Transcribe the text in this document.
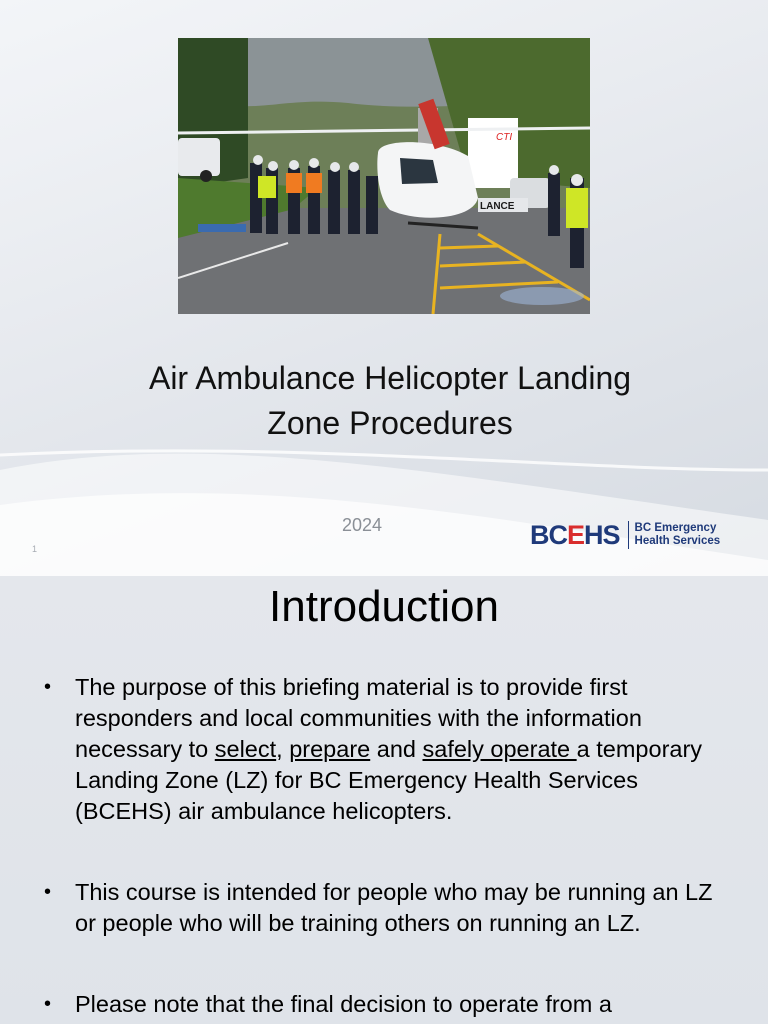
CTI
LANCE
Air Ambulance Helicopter Landing
Zone Procedures
2024
1	BCEHS BC Emergency
Health Services
Introduction
• The purpose of this briefing material is to provide first responders and local communities with the information necessary to select, prepare and safely operate a temporary Landing Zone (LZ) for BC Emergency Health Services (BCEHS) air ambulance helicopters.
• This course is intended for people who may be running an LZ or people who will be training others on running an LZ.
• Please note that the final decision to operate from a
